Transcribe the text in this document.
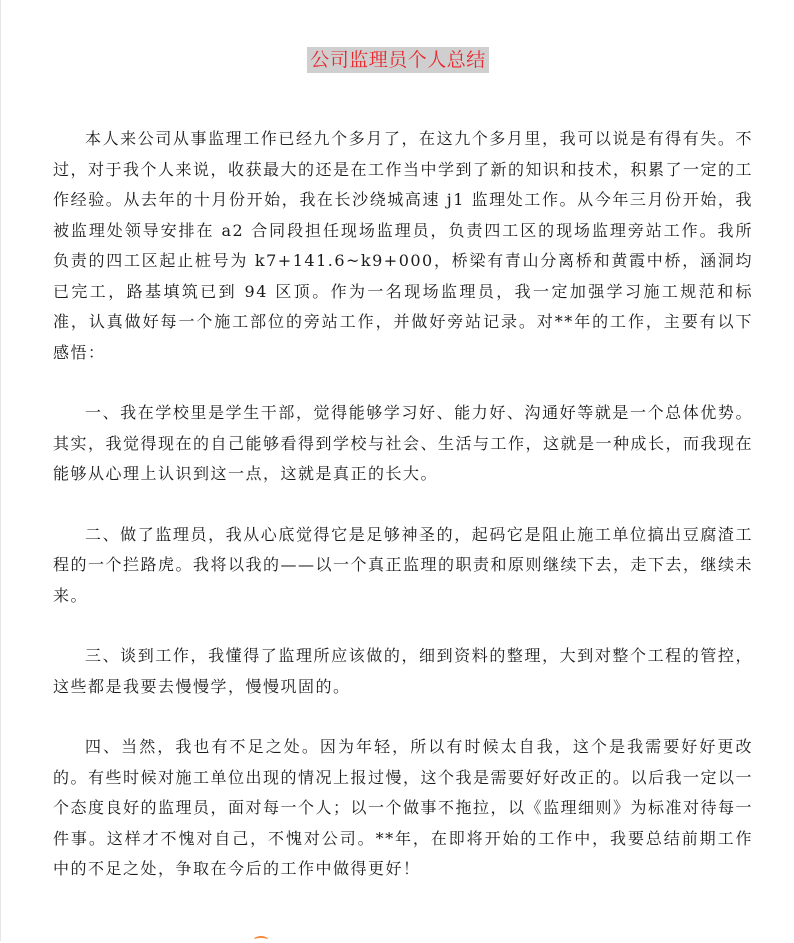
公司监理员个人总结

本人来公司从事监理工作已经九个多月了，在这九个多月里，我可以说是有得有失。不过，对于我个人来说，收获最大的还是在工作当中学到了新的知识和技术，积累了一定的工作经验。从去年的十月份开始，我在长沙绕城高速 j1 监理处工作。从今年三月份开始，我被监理处领导安排在 a2 合同段担任现场监理员，负责四工区的现场监理旁站工作。我所负责的四工区起止桩号为 k7+141.6~k9+000，桥梁有青山分离桥和黄霞中桥，涵洞均已完工，路基填筑已到 94 区顶。作为一名现场监理员，我一定加强学习施工规范和标准，认真做好每一个施工部位的旁站工作，并做好旁站记录。对**年的工作，主要有以下感悟：

一、我在学校里是学生干部，觉得能够学习好、能力好、沟通好等就是一个总体优势。其实，我觉得现在的自己能够看得到学校与社会、生活与工作，这就是一种成长，而我现在能够从心理上认识到这一点，这就是真正的长大。

二、做了监理员，我从心底觉得它是足够神圣的，起码它是阻止施工单位搞出豆腐渣工程的一个拦路虎。我将以我的——以一个真正监理的职责和原则继续下去，走下去，继续未来。

三、谈到工作，我懂得了监理所应该做的，细到资料的整理，大到对整个工程的管控，这些都是我要去慢慢学，慢慢巩固的。

四、当然，我也有不足之处。因为年轻，所以有时候太自我，这个是我需要好好更改的。有些时候对施工单位出现的情况上报过慢，这个我是需要好好改正的。以后我一定以一个态度良好的监理员，面对每一个人；以一个做事不拖拉，以《监理细则》为标准对待每一件事。这样才不愧对自己，不愧对公司。**年，在即将开始的工作中，我要总结前期工作中的不足之处，争取在今后的工作中做得更好！
